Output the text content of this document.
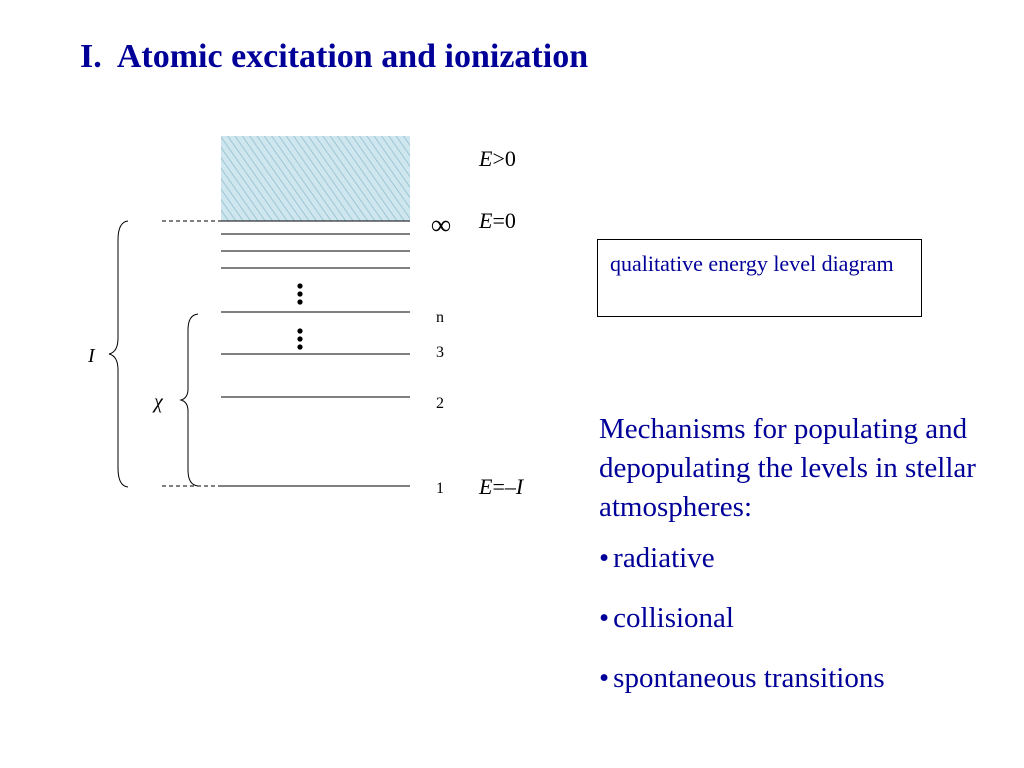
I.  Atomic excitation and ionization
I
χ
∞
n
3
2
1
E>0
E=0
E=–I
qualitative energy level diagram
Mechanisms for populating and depopulating the levels in stellar atmospheres:
• radiative
• collisional
• spontaneous transitions
